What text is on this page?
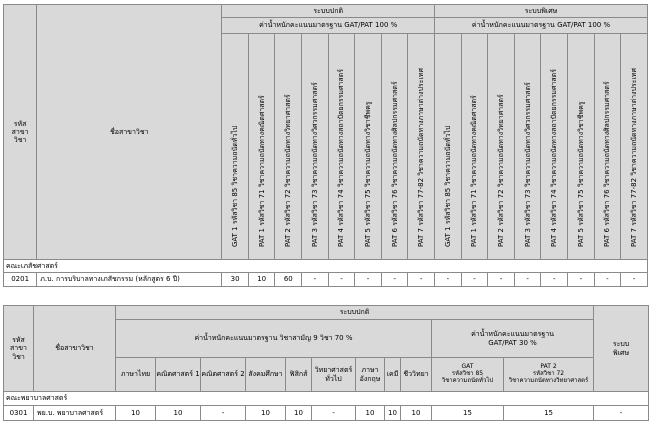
รหัส
สาขา
วิชา	ชื่อสาขาวิชา	ระบบปกติ								ระบบพิเศษ							
		ค่าน้ำหนักคะแนนมาตรฐาน GAT/PAT 100 %								ค่าน้ำหนักคะแนนมาตรฐาน GAT/PAT 100 %							

		GAT 1 รหัสวิชา 85 วิชาความถนัดทั่วไป	PAT 1 รหัสวิชา 71 วิชาความถนัดทางคณิตศาสตร์	PAT 2 รหัสวิชา 72 วิชาความถนัดทางวิทยาศาสตร์	PAT 3 รหัสวิชา 73 วิชาความถนัดทางวิศวกรรมศาสตร์	PAT 4 รหัสวิชา 74 วิชาความถนัดทางสถาปัตยกรรมศาสตร์	PAT 5 รหัสวิชา 75 วิชาความถนัดทางวิชาชีพครู	PAT 6 รหัสวิชา 76 วิชาความถนัดทางศิลปกรรมศาสตร์	PAT 7 รหัสวิชา 77-82 วิชาความถนัดทางภาษาต่างประเทศ	GAT 1 รหัสวิชา 85 วิชาความถนัดทั่วไป	PAT 1 รหัสวิชา 71 วิชาความถนัดทางคณิตศาสตร์	PAT 2 รหัสวิชา 72 วิชาความถนัดทางวิทยาศาสตร์	PAT 3 รหัสวิชา 73 วิชาความถนัดทางวิศวกรรมศาสตร์	PAT 4 รหัสวิชา 74 วิชาความถนัดทางสถาปัตยกรรมศาสตร์	PAT 5 รหัสวิชา 75 วิชาความถนัดทางวิชาชีพครู	PAT 6 รหัสวิชา 76 วิชาความถนัดทางศิลปกรรมศาสตร์	PAT 7 รหัสวิชา 77-82 วิชาความถนัดทางภาษาต่างประเทศ

คณะเภสัชศาสตร์																	
0201	ภ.บ. การบริบาลทางเภสัชกรรม (หลักสูตร 6 ปี)	30	10	60	-	-	-	-	-	-	-	-	-	-	-	-	-
รหัส
สาขา
วิชา	ชื่อสาขาวิชา	ระบบปกติ											ระบบ
พิเศษ
		ค่าน้ำหนักคะแนนมาตรฐาน วิชาสามัญ 9 วิชา 70 %									ค่าน้ำหนักคะแนนมาตรฐาน
GAT/PAT 30 %		
		ภาษาไทย	คณิตศาสตร์ 1	คณิตศาสตร์ 2	สังคมศึกษา	ฟิสิกส์	วิทยาศาสตร์
ทั่วไป	ภาษา
อังกฤษ	เคมี	ชีววิทยา	GAT
รหัสวิชา 85
วิชาความถนัดทั่วไป	PAT 2
รหัสวิชา 72
วิชาความถนัดทางวิทยาศาสตร์	
คณะพยาบาลศาสตร์													
0301	พย.บ. พยาบาลศาสตร์	10	10	-	10	10	-	10	10	10	15	15	-
